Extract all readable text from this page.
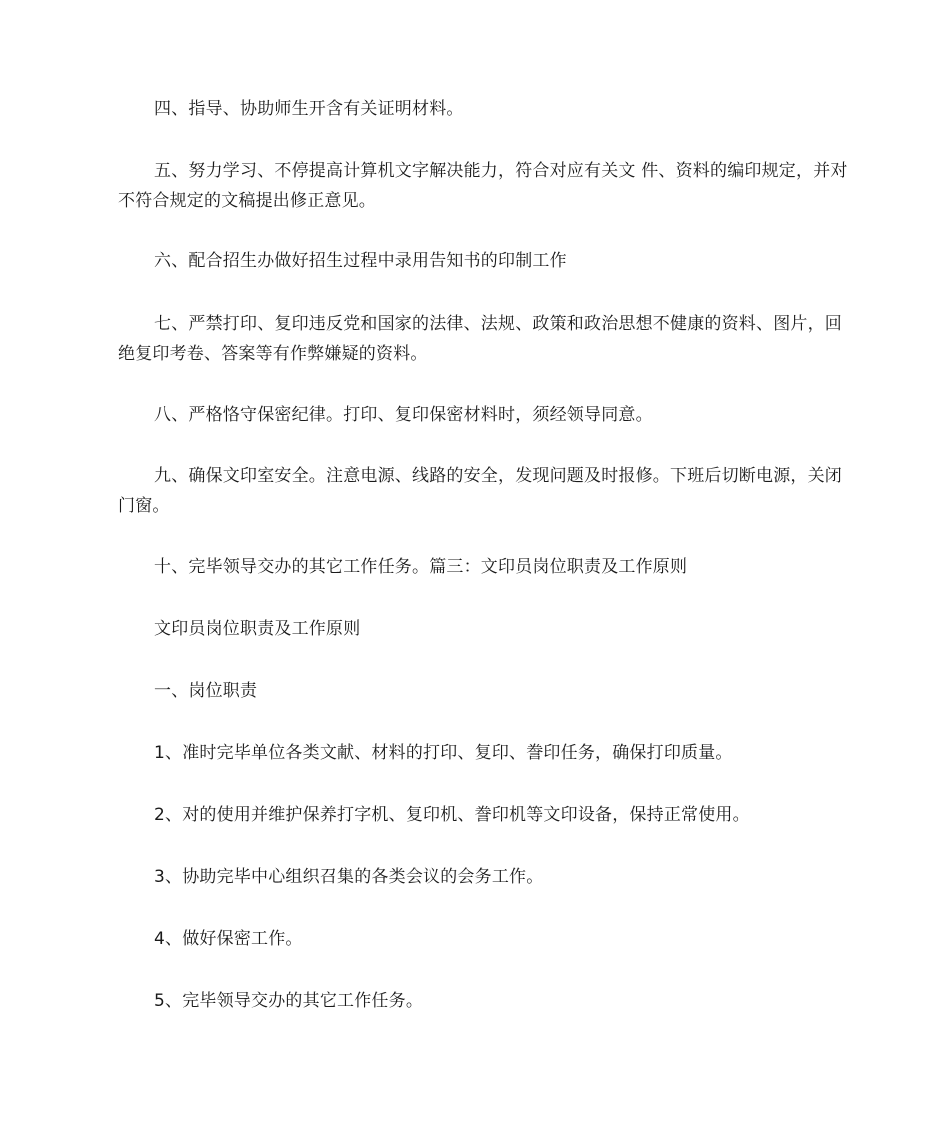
四、指导、协助师生开含有关证明材料。

五、努力学习、不停提高计算机文字解决能力，符合对应有关文 件、资料的编印规定，并对不符合规定的文稿提出修正意见。

六、配合招生办做好招生过程中录用告知书的印制工作

七、严禁打印、复印违反党和国家的法律、法规、政策和政治思想不健康的资料、图片，回绝复印考卷、答案等有作弊嫌疑的资料。

八、严格恪守保密纪律。打印、复印保密材料时，须经领导同意。

九、确保文印室安全。注意电源、线路的安全，发现问题及时报修。下班后切断电源，关闭门窗。

十、完毕领导交办的其它工作任务。篇三：文印员岗位职责及工作原则

文印员岗位职责及工作原则

一、岗位职责

1、准时完毕单位各类文献、材料的打印、复印、誊印任务，确保打印质量。

2、对的使用并维护保养打字机、复印机、誊印机等文印设备，保持正常使用。

3、协助完毕中心组织召集的各类会议的会务工作。

4、做好保密工作。

5、完毕领导交办的其它工作任务。
